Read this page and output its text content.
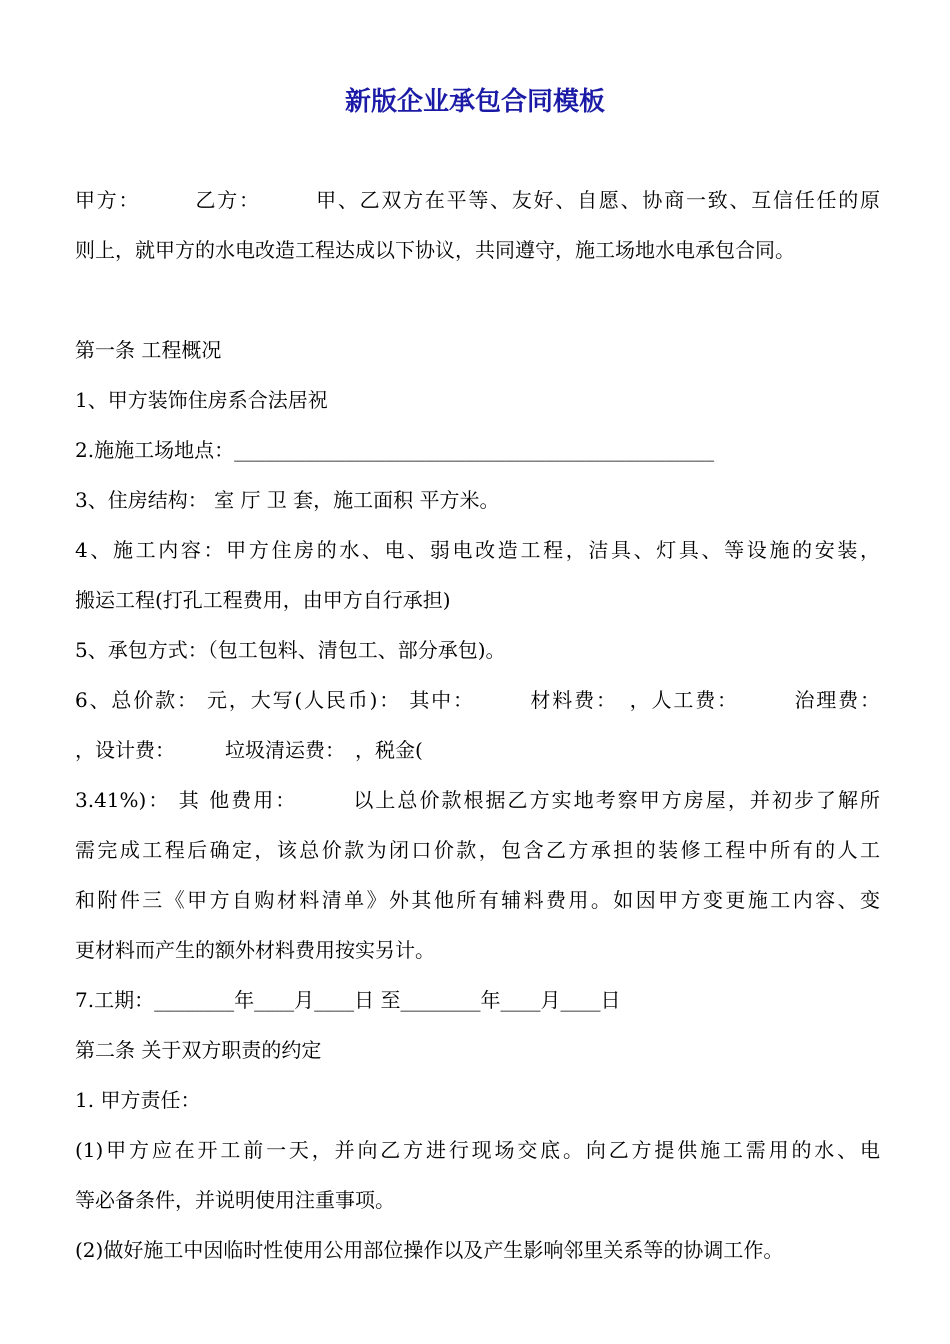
新版企业承包合同模板
甲方：　　　乙方：　　　甲、乙双方在平等、友好、自愿、协商一致、互信任任的原
则上，就甲方的水电改造工程达成以下协议，共同遵守，施工场地水电承包合同。
第一条 工程概况
1、甲方装饰住房系合法居祝
2.施施工场地点：________________________________________________
3、住房结构： 室 厅 卫 套，施工面积 平方米。
4、施工内容：甲方住房的水、电、弱电改造工程，洁具、灯具、等设施的安装，
搬运工程(打孔工程费用，由甲方自行承担)
5、承包方式：（包工包料、清包工、部分承包)。
6、总价款： 元，大写(人民币)： 其中：　　　材料费：　，人工费：　　　治理费：
，设计费：　　　垃圾清运费：　，税金(
3.41%)： 其 他费用：　　　以上总价款根据乙方实地考察甲方房屋，并初步了解所
需完成工程后确定，该总价款为闭口价款，包含乙方承担的装修工程中所有的人工
和附件三《甲方自购材料清单》外其他所有辅料费用。如因甲方变更施工内容、变
更材料而产生的额外材料费用按实另计。
7.工期：________年____月____日 至________年____月____日
第二条 关于双方职责的约定
1. 甲方责任：
(1)甲方应在开工前一天，并向乙方进行现场交底。向乙方提供施工需用的水、电
等必备条件，并说明使用注重事项。
(2)做好施工中因临时性使用公用部位操作以及产生影响邻里关系等的协调工作。
